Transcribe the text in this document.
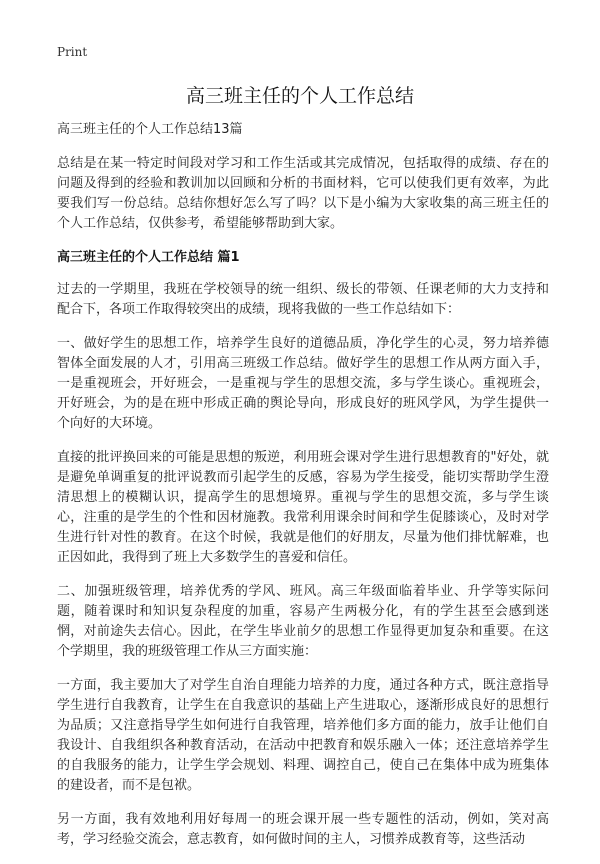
Print
高三班主任的个人工作总结
高三班主任的个人工作总结13篇

总结是在某一特定时间段对学习和工作生活或其完成情况，包括取得的成绩、存在的问题及得到的经验和教训加以回顾和分析的书面材料，它可以使我们更有效率，为此要我们写一份总结。总结你想好怎么写了吗？以下是小编为大家收集的高三班主任的个人工作总结，仅供参考，希望能够帮助到大家。

高三班主任的个人工作总结 篇1

过去的一学期里，我班在学校领导的统一组织、级长的带领、任课老师的大力支持和配合下，各项工作取得较突出的成绩，现将我做的一些工作总结如下：

一、做好学生的思想工作，培养学生良好的道德品质，净化学生的心灵，努力培养德智体全面发展的人才，引用高三班级工作总结。做好学生的思想工作从两方面入手，一是重视班会，开好班会，一是重视与学生的思想交流，多与学生谈心。重视班会，开好班会，为的是在班中形成正确的舆论导向，形成良好的班风学风，为学生提供一个向好的大环境。

直接的批评换回来的可能是思想的叛逆，利用班会课对学生进行思想教育的"好处，就是避免单调重复的批评说教而引起学生的反感，容易为学生接受，能切实帮助学生澄清思想上的模糊认识，提高学生的思想境界。重视与学生的思想交流，多与学生谈心，注重的是学生的个性和因材施教。我常利用课余时间和学生促膝谈心，及时对学生进行针对性的教育。在这个时候，我就是他们的好朋友，尽量为他们排忧解难，也正因如此，我得到了班上大多数学生的喜爱和信任。

二、加强班级管理，培养优秀的学风、班风。高三年级面临着毕业、升学等实际问题，随着课时和知识复杂程度的加重，容易产生两极分化，有的学生甚至会感到迷惘，对前途失去信心。因此，在学生毕业前夕的思想工作显得更加复杂和重要。在这个学期里，我的班级管理工作从三方面实施：

一方面，我主要加大了对学生自治自理能力培养的力度，通过各种方式，既注意指导学生进行自我教育，让学生在自我意识的基础上产生进取心，逐渐形成良好的思想行为品质；又注意指导学生如何进行自我管理，培养他们多方面的能力，放手让他们自我设计、自我组织各种教育活动，在活动中把教育和娱乐融入一体；还注意培养学生的自我服务的能力，让学生学会规划、料理、调控自己，使自己在集体中成为班集体的建设者，而不是包袱。

另一方面，我有效地利用好每周一的班会课开展一些专题性的活动，例如，笑对高考，学习经验交流会，意志教育，如何做时间的主人，习惯养成教育等，这些活动
